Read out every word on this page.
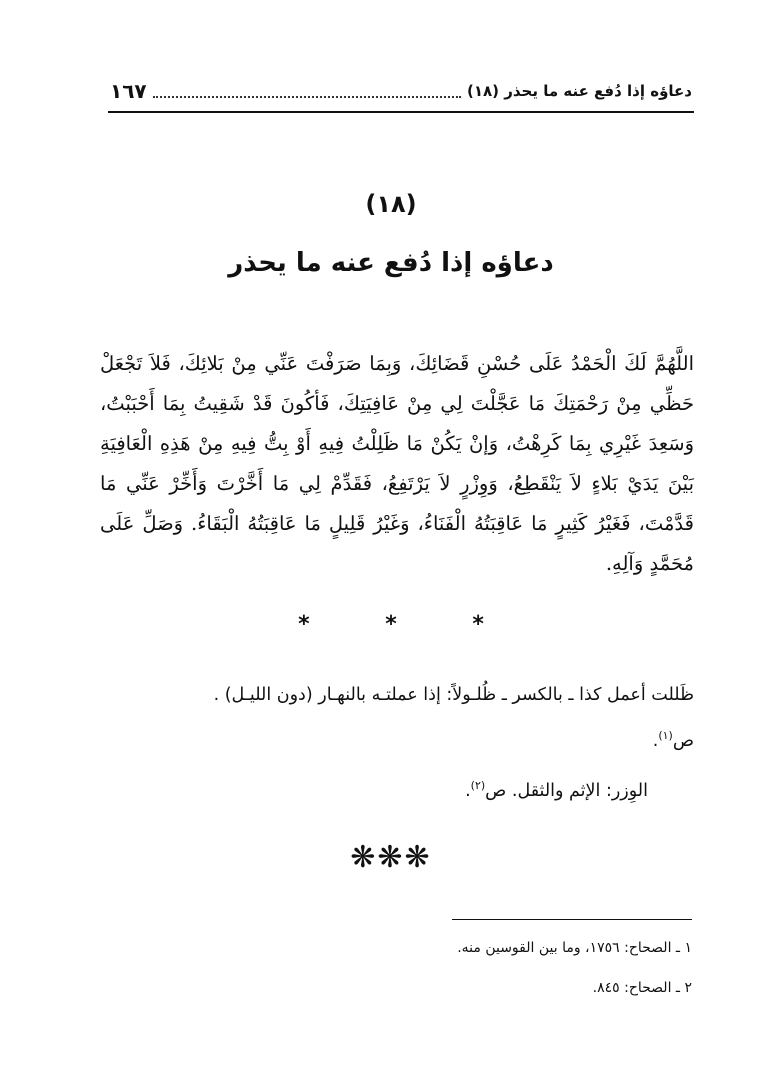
دعاؤه إذا دُفع عنه ما يحذر (١٨)
١٦٧
(١٨)
دعاؤه إذا دُفع عنه ما يحذر
اللَّهُمَّ لَكَ الْحَمْدُ عَلَى حُسْنِ قَضَائِكَ، وَبِمَا صَرَفْتَ عَنِّي مِنْ بَلائِكَ، فَلاَ تَجْعَلْ حَظِّي مِنْ رَحْمَتِكَ مَا عَجَّلْتَ لِي مِنْ عَافِيَتِكَ، فَأكُونَ قَدْ شَقِيتُ بِمَا أَحْبَبْتُ، وَسَعِدَ غَيْرِي بِمَا كَرِهْتُ، وَإنْ يَكُنْ مَا ظَلِلْتُ فِيهِ أَوْ بِتُّ فِيهِ مِنْ هَذِهِ الْعَافِيَةِ بَيْنَ يَدَيْ بَلاءٍ لاَ يَنْقَطِعُ، وَوِزْرٍ لاَ يَرْتَفِعُ، فَقَدِّمْ لِي مَا أَخَّرْتَ وَأَخِّرْ عَنِّي مَا قَدَّمْتَ، فَغَيْرُ كَثِيرٍ مَا عَاقِبَتُهُ الْفَنَاءُ، وَغَيْرُ قَلِيلٍ مَا عَاقِبَتُهُ الْبَقَاءُ. وَصَلِّ عَلَى مُحَمَّدٍ وَآلِهِ.
* * *
ظَللت أعمل كذا ـ بالكسر ـ ظُلـولاً: إذا عملتـه بالنهـار (دون الليـل) .
ص$^{(١)}$.
الوِزر: الإثم والثقل. ص$^{(٢)}$.
❋❋❋
١ ـ الصحاح: ١٧٥٦، وما بين القوسين منه.
٢ ـ الصحاح: ٨٤٥.
